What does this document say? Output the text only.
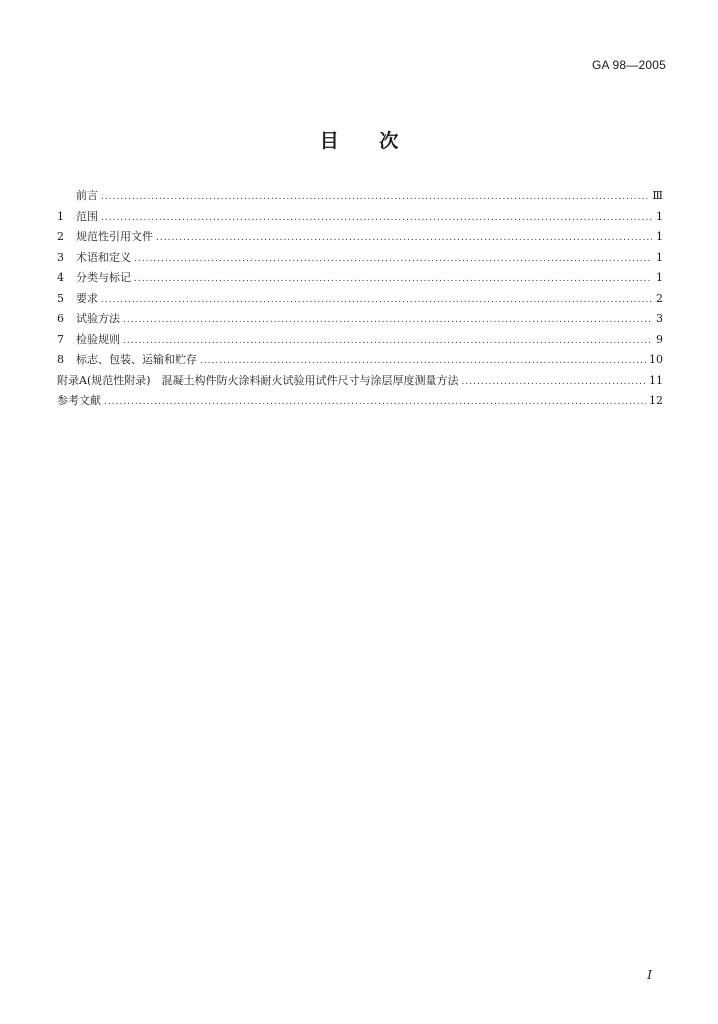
GA 98—2005
目 次
前言 .....	Ⅲ
1	范围 .....	1
2	规范性引用文件 .....	1
3	术语和定义 .....	1
4	分类与标记 .....	1
5	要求 .....	2
6	试验方法 .....	3
7	检验规则 .....	9
8	标志、包装、运输和贮存 .....	10
附录A(规范性附录)　混凝土构件防火涂料耐火试验用试件尺寸与涂层厚度测量方法 .....	11
参考文献 .....	12
I
